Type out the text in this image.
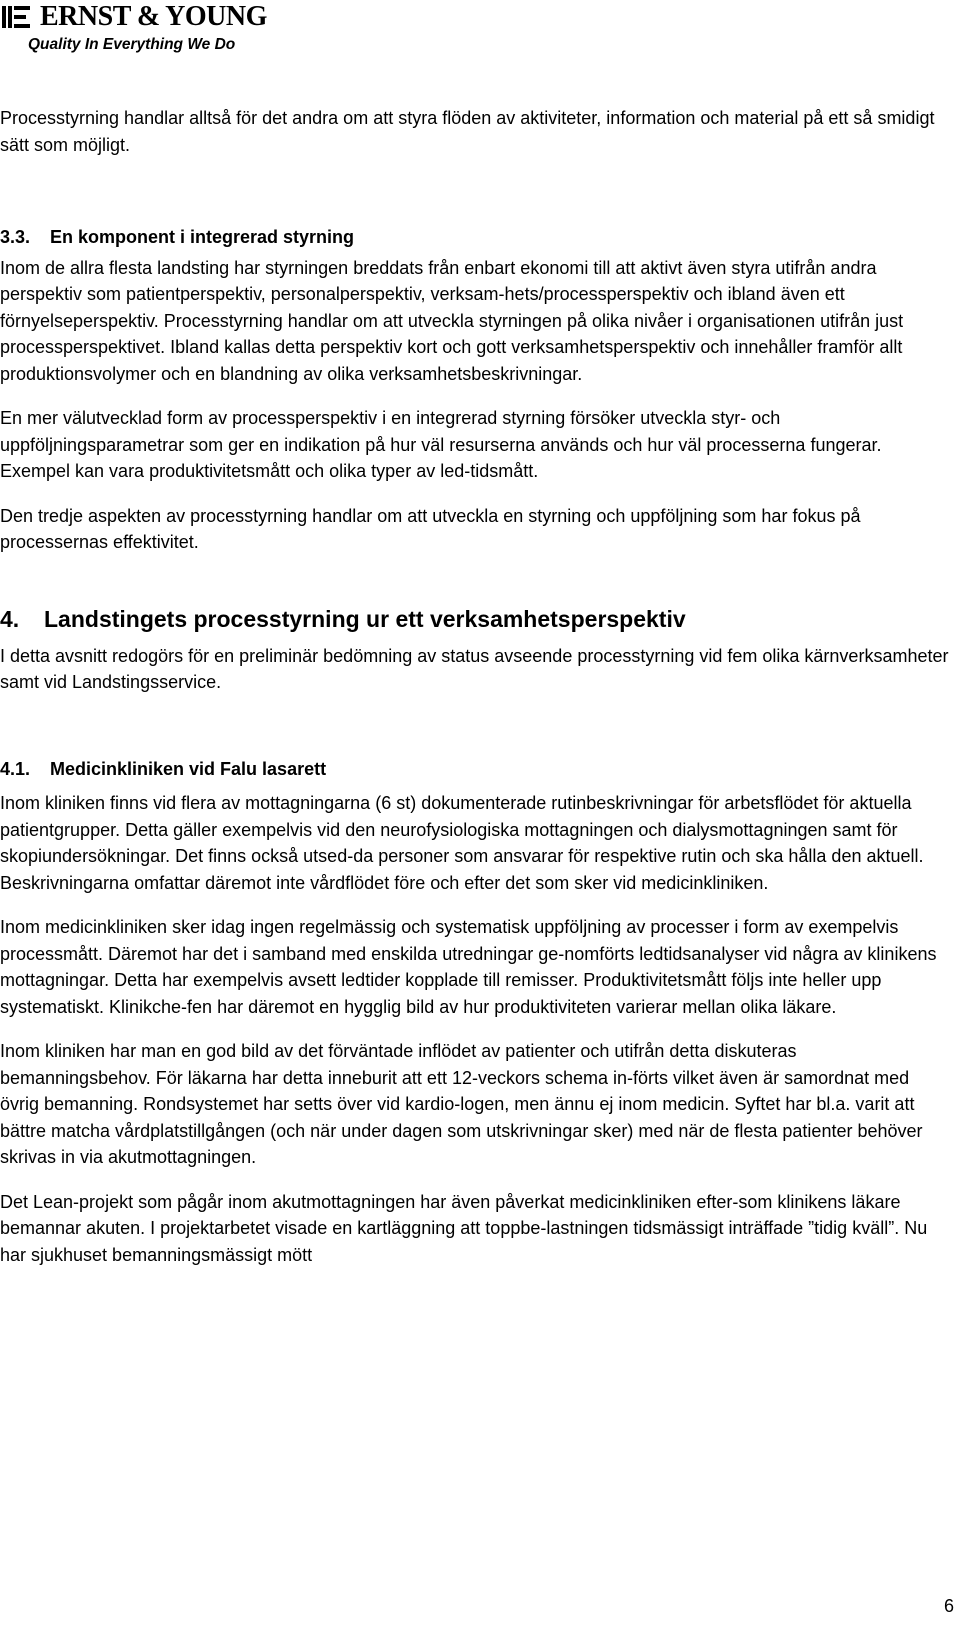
ERNST & YOUNG
Quality In Everything We Do

Processtyrning handlar alltså för det andra om att styra flöden av aktiviteter, information och material på ett så smidigt sätt som möjligt.

3.3. En komponent i integrerad styrning

Inom de allra flesta landsting har styrningen breddats från enbart ekonomi till att aktivt även styra utifrån andra perspektiv som patientperspektiv, personalperspektiv, verksam-hets/processperspektiv och ibland även ett förnyelseperspektiv. Processtyrning handlar om att utveckla styrningen på olika nivåer i organisationen utifrån just processperspektivet. Ibland kallas detta perspektiv kort och gott verksamhetsperspektiv och innehåller framför allt produktionsvolymer och en blandning av olika verksamhetsbeskrivningar.

En mer välutvecklad form av processperspektiv i en integrerad styrning försöker utveckla styr- och uppföljningsparametrar som ger en indikation på hur väl resurserna används och hur väl processerna fungerar. Exempel kan vara produktivitetsmått och olika typer av led-tidsmått.

Den tredje aspekten av processtyrning handlar om att utveckla en styrning och uppföljning som har fokus på processernas effektivitet.

4. Landstingets processtyrning ur ett verksamhetsperspektiv

I detta avsnitt redogörs för en preliminär bedömning av status avseende processtyrning vid fem olika kärnverksamheter samt vid Landstingsservice.

4.1. Medicinkliniken vid Falu lasarett

Inom kliniken finns vid flera av mottagningarna (6 st) dokumenterade rutinbeskrivningar för arbetsflödet för aktuella patientgrupper. Detta gäller exempelvis vid den neurofysiologiska mottagningen och dialysmottagningen samt för skopiundersökningar. Det finns också utsed-da personer som ansvarar för respektive rutin och ska hålla den aktuell. Beskrivningarna omfattar däremot inte vårdflödet före och efter det som sker vid medicinkliniken.

Inom medicinkliniken sker idag ingen regelmässig och systematisk uppföljning av processer i form av exempelvis processmått. Däremot har det i samband med enskilda utredningar ge-nomförts ledtidsanalyser vid några av klinikens mottagningar. Detta har exempelvis avsett ledtider kopplade till remisser. Produktivitetsmått följs inte heller upp systematiskt. Klinikche-fen har däremot en hygglig bild av hur produktiviteten varierar mellan olika läkare.

Inom kliniken har man en god bild av det förväntade inflödet av patienter och utifrån detta diskuteras bemanningsbehov. För läkarna har detta inneburit att ett 12-veckors schema in-förts vilket även är samordnat med övrig bemanning. Rondsystemet har setts över vid kardio-logen, men ännu ej inom medicin. Syftet har bl.a. varit att bättre matcha vårdplatstillgången (och när under dagen som utskrivningar sker) med när de flesta patienter behöver skrivas in via akutmottagningen.

Det Lean-projekt som pågår inom akutmottagningen har även påverkat medicinkliniken efter-som klinikens läkare bemannar akuten. I projektarbetet visade en kartläggning att toppbe-lastningen tidsmässigt inträffade ”tidig kväll”. Nu har sjukhuset bemanningsmässigt mött

6
